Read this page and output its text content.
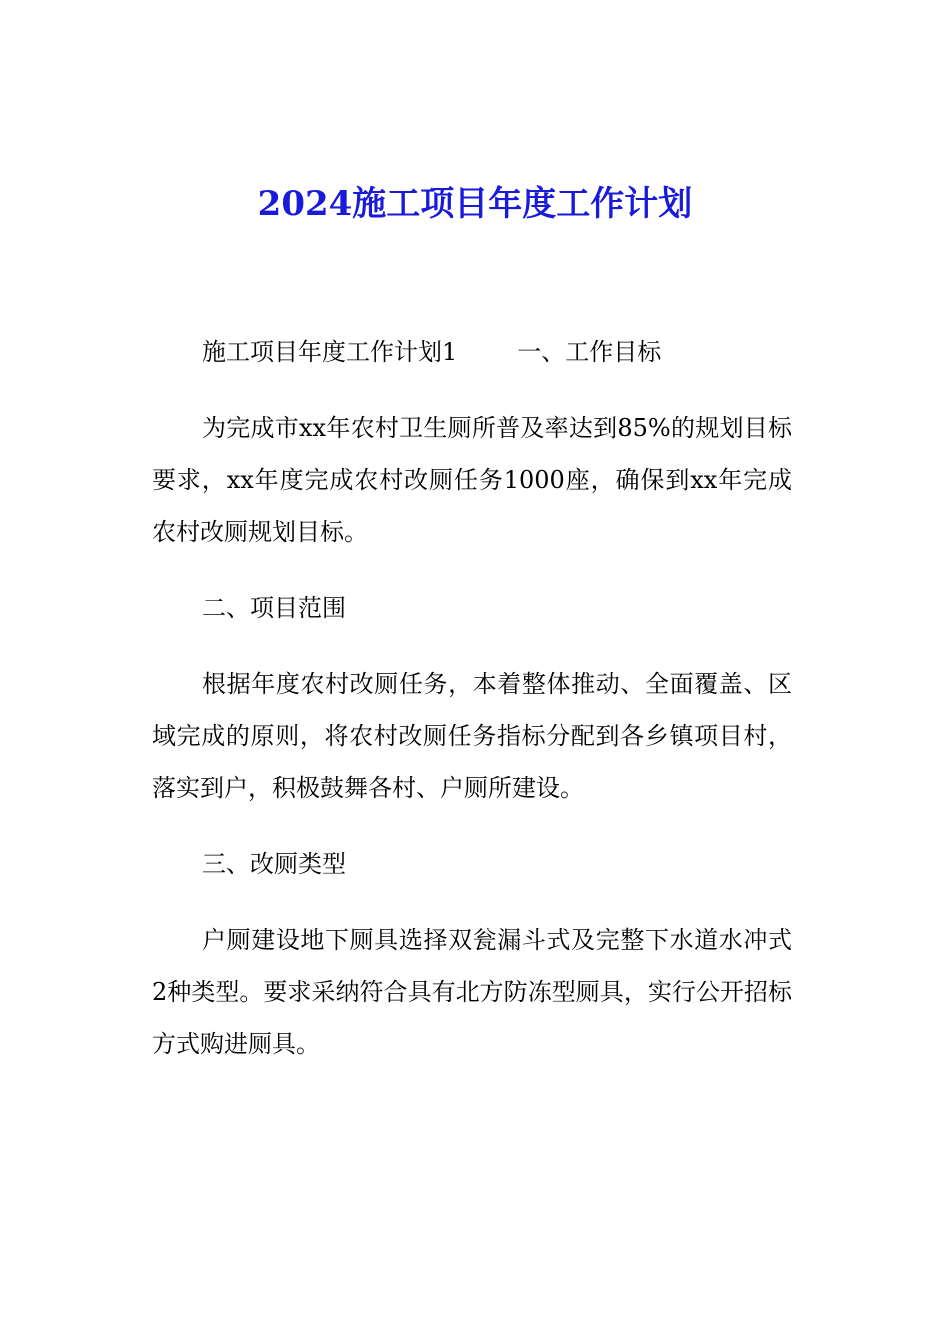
2024施工项目年度工作计划
施工项目年度工作计划1	一、工作目标

为完成市xx年农村卫生厕所普及率达到85%的规划目标要求，xx年度完成农村改厕任务1000座，确保到xx年完成农村改厕规划目标。

二、项目范围

根据年度农村改厕任务，本着整体推动、全面覆盖、区域完成的原则，将农村改厕任务指标分配到各乡镇项目村，落实到户，积极鼓舞各村、户厕所建设。

三、改厕类型

户厕建设地下厕具选择双瓮漏斗式及完整下水道水冲式2种类型。要求采纳符合具有北方防冻型厕具，实行公开招标方式购进厕具。
